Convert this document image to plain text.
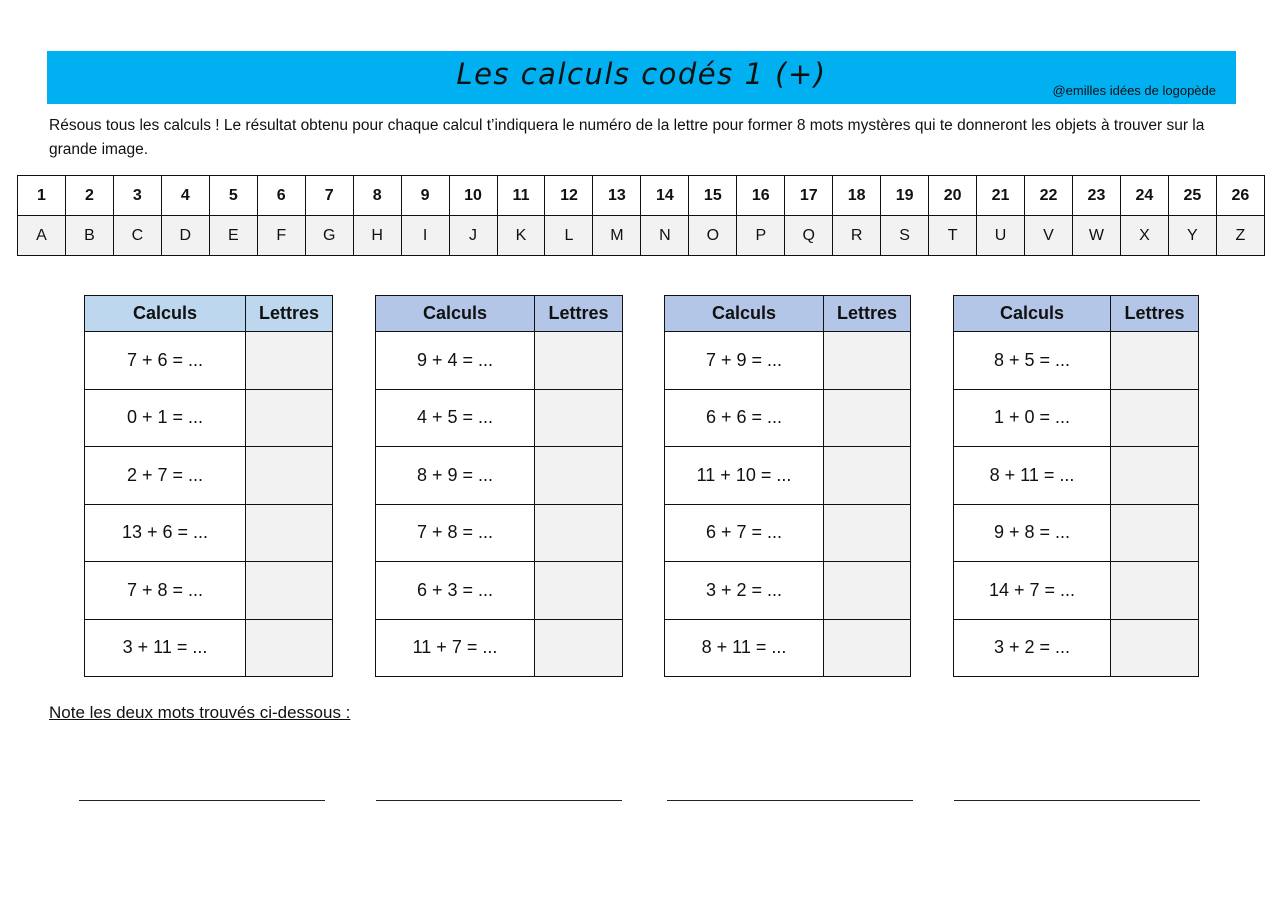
Les calculs codés 1 (+)	@emilles idées de logopède
Résous tous les calculs ! Le résultat obtenu pour chaque calcul t’indiquera le numéro de la lettre pour former 8 mots mystères qui te donneront les objets à trouver sur la grande image.
1	2	3	4	5	6	7	8	9	10	11	12	13	14	15	16	17	18	19	20	21	22	23	24	25	26
A	B	C	D	E	F	G	H	I	J	K	L	M	N	O	P	Q	R	S	T	U	V	W	X	Y	Z
Calculs	Lettres
7 + 6 = ...	
0 + 1 = ...	
2 + 7 = ...	
13 + 6 = ...	
7 + 8 = ...	
3 + 11 = ...	
Calculs	Lettres
9 + 4 = ...	
4 + 5 = ...	
8 + 9 = ...	
7 + 8 = ...	
6 + 3 = ...	
11 + 7 = ...	
Calculs	Lettres
7 + 9 = ...	
6 + 6 = ...	
11 + 10 = ...	
6 + 7 = ...	
3 + 2 = ...	
8 + 11 = ...	
Calculs	Lettres
8 + 5 = ...	
1 + 0 = ...	
8 + 11 = ...	
9 + 8 = ...	
14 + 7 = ...	
3 + 2 = ...	
Note les deux mots trouvés ci-dessous :
